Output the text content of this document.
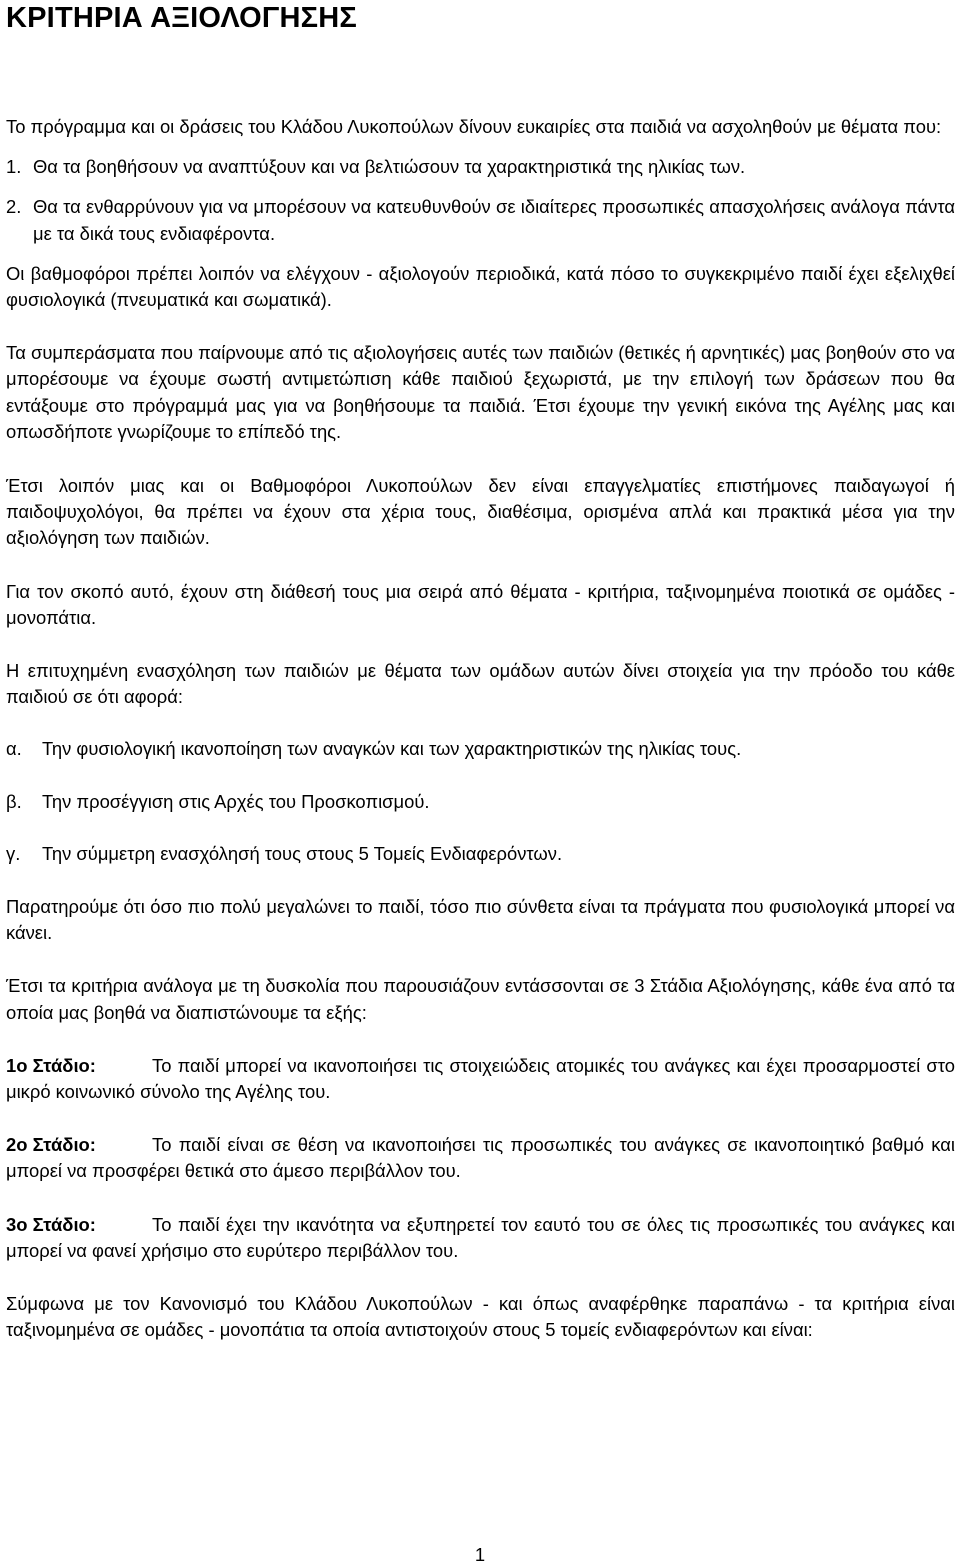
ΚΡΙΤΗΡΙΑ ΑΞΙΟΛΟΓΗΣΗΣ

Το πρόγραμμα και οι δράσεις του Κλάδου Λυκοπούλων δίνουν ευκαιρίες στα παιδιά να ασχοληθούν με θέματα που:

1. Θα τα βοηθήσουν να αναπτύξουν και να βελτιώσουν τα χαρακτηριστικά της ηλικίας των.

2. Θα τα ενθαρρύνουν για να μπορέσουν να κατευθυνθούν σε ιδιαίτερες προσωπικές απασχολήσεις ανάλογα πάντα με τα δικά τους ενδιαφέροντα.

Οι βαθμοφόροι πρέπει λοιπόν να ελέγχουν - αξιολογούν περιοδικά, κατά πόσο το συγκεκριμένο παιδί έχει εξελιχθεί φυσιολογικά (πνευματικά και σωματικά).

Τα συμπεράσματα που παίρνουμε από τις αξιολογήσεις αυτές των παιδιών (θετικές ή αρνητικές) μας βοηθούν στο να μπορέσουμε να έχουμε σωστή αντιμετώπιση κάθε παιδιού ξεχωριστά, με την επιλογή των δράσεων που θα εντάξουμε στο πρόγραμμά μας για να βοηθήσουμε τα παιδιά. Έτσι έχουμε την γενική εικόνα της Αγέλης μας και οπωσδήποτε γνωρίζουμε το επίπεδό της.

Έτσι λοιπόν μιας και οι Βαθμοφόροι Λυκοπούλων δεν είναι επαγγελματίες επιστήμονες παιδαγωγοί ή παιδοψυχολόγοι, θα πρέπει να έχουν στα χέρια τους, διαθέσιμα, ορισμένα απλά και πρακτικά μέσα για την αξιολόγηση των παιδιών.

Για τον σκοπό αυτό, έχουν στη διάθεσή τους μια σειρά από θέματα - κριτήρια, ταξινομημένα ποιοτικά σε ομάδες - μονοπάτια.

Η επιτυχημένη ενασχόληση των παιδιών με θέματα των ομάδων αυτών δίνει στοιχεία για την πρόοδο του κάθε παιδιού σε ότι αφορά:

α. Την φυσιολογική ικανοποίηση των αναγκών και των χαρακτηριστικών της ηλικίας τους.

β. Την προσέγγιση στις Αρχές του Προσκοπισμού.

γ. Την σύμμετρη ενασχόλησή τους στους 5 Τομείς Ενδιαφερόντων.

Παρατηρούμε ότι όσο πιο πολύ μεγαλώνει το παιδί, τόσο πιο σύνθετα είναι τα πράγματα που φυσιολογικά μπορεί να κάνει.

Έτσι τα κριτήρια ανάλογα με τη δυσκολία που παρουσιάζουν εντάσσονται σε 3 Στάδια Αξιολόγησης, κάθε ένα από τα οποία μας βοηθά να διαπιστώνουμε τα εξής:

1ο Στάδιο:	Το παιδί μπορεί να ικανοποιήσει τις στοιχειώδεις ατομικές του ανάγκες και έχει προσαρμοστεί στο μικρό κοινωνικό σύνολο της Αγέλης του.

2ο Στάδιο:	Το παιδί είναι σε θέση να ικανοποιήσει τις προσωπικές του ανάγκες σε ικανοποιητικό βαθμό και μπορεί να προσφέρει θετικά στο άμεσο περιβάλλον του.

3ο Στάδιο:	Το παιδί έχει την ικανότητα να εξυπηρετεί τον εαυτό του σε όλες τις προσωπικές του ανάγκες και μπορεί να φανεί χρήσιμο στο ευρύτερο περιβάλλον του.

Σύμφωνα με τον Κανονισμό του Κλάδου Λυκοπούλων - και όπως αναφέρθηκε παραπάνω - τα κριτήρια είναι ταξινομημένα σε ομάδες - μονοπάτια τα οποία αντιστοιχούν στους 5 τομείς ενδιαφερόντων και είναι:

1
